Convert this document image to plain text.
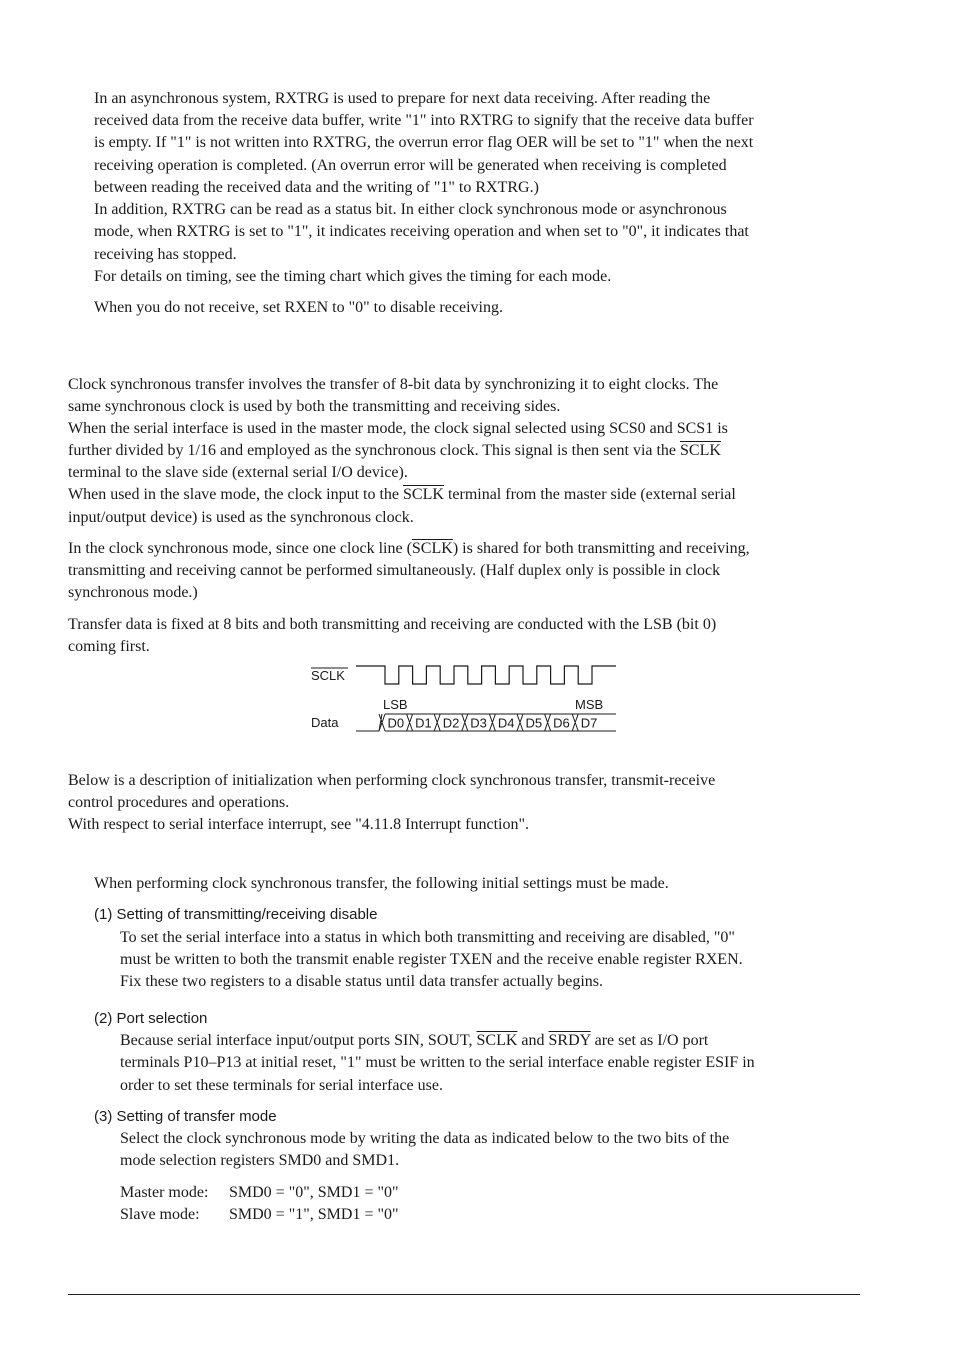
In an asynchronous system, RXTRG is used to prepare for next data receiving. After reading the

received data from the receive data buffer, write "1" into RXTRG to signify that the receive data buffer

is empty. If "1" is not written into RXTRG, the overrun error flag OER will be set to "1" when the next

receiving operation is completed. (An overrun error will be generated when receiving is completed

between reading the received data and the writing of "1" to RXTRG.)

In addition, RXTRG can be read as a status bit. In either clock synchronous mode or asynchronous

mode, when RXTRG is set to "1", it indicates receiving operation and when set to "0", it indicates that

receiving has stopped.

For details on timing, see the timing chart which gives the timing for each mode.

When you do not receive, set RXEN to "0" to disable receiving.

Clock synchronous transfer involves the transfer of 8-bit data by synchronizing it to eight clocks. The

same synchronous clock is used by both the transmitting and receiving sides.

When the serial interface is used in the master mode, the clock signal selected using SCS0 and SCS1 is

further divided by 1/16 and employed as the synchronous clock. This signal is then sent via the SCLK

terminal to the slave side (external serial I/O device).

When used in the slave mode, the clock input to the SCLK terminal from the master side (external serial

input/output device) is used as the synchronous clock.

In the clock synchronous mode, since one clock line (SCLK) is shared for both transmitting and receiving,

transmitting and receiving cannot be performed simultaneously. (Half duplex only is possible in clock

synchronous mode.)

Transfer data is fixed at 8 bits and both transmitting and receiving are conducted with the LSB (bit 0)

coming first.

SCLK
LSB	MSB
Data	D0 D1 D2 D3 D4 D5 D6 D7

Below is a description of initialization when performing clock synchronous transfer, transmit-receive

control procedures and operations.

With respect to serial interface interrupt, see "4.11.8 Interrupt function".

When performing clock synchronous transfer, the following initial settings must be made.

(1) Setting of transmitting/receiving disable

To set the serial interface into a status in which both transmitting and receiving are disabled, "0"

must be written to both the transmit enable register TXEN and the receive enable register RXEN.

Fix these two registers to a disable status until data transfer actually begins.

(2) Port selection

Because serial interface input/output ports SIN, SOUT, SCLK and SRDY are set as I/O port

terminals P10–P13 at initial reset, "1" must be written to the serial interface enable register ESIF in

order to set these terminals for serial interface use.

(3) Setting of transfer mode

Select the clock synchronous mode by writing the data as indicated below to the two bits of the

mode selection registers SMD0 and SMD1.

Master mode: SMD0 = "0", SMD1 = "0"

Slave mode: SMD0 = "1", SMD1 = "0"
